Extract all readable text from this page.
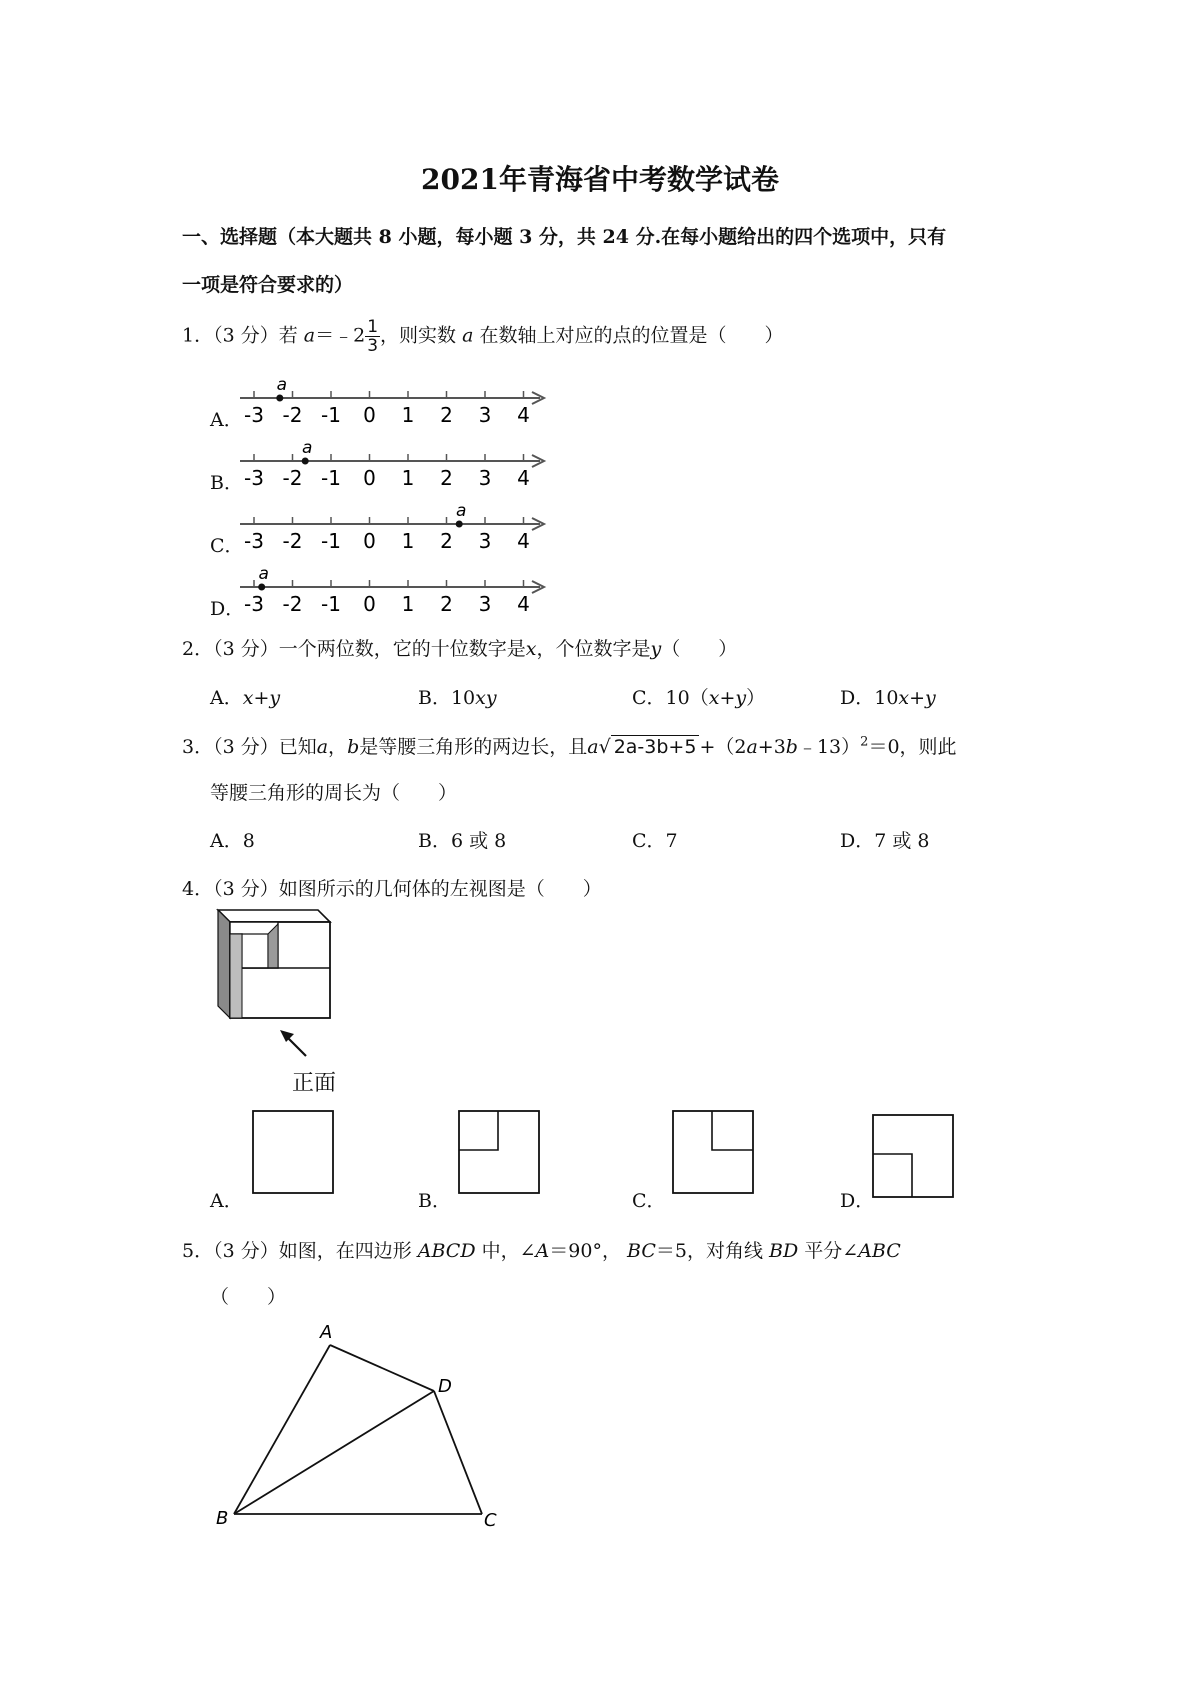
2021年青海省中考数学试卷
一、选择题（本大题共 8 小题，每小题 3 分，共 24 分.在每小题给出的四个选项中，只有
一项是符合要求的）
1．（3 分）若 a＝﹣2 $\frac{1}{3}$ ，则实数 a 在数轴上对应的点的位置是（　　）
A．
B．
C．
D．
-3 -2 -1 0 1 2 3 4
a
-3 -2 -1 0 1 2 3 4
a
-3 -2 -1 0 1 2 3 4
a
-3 -2 -1 0 1 2 3 4
a
2．（3 分）一个两位数，它的十位数字是x，个位数字是y（　　）
A．x+y	B．10xy	C．10（x+y）	D．10x+y
3．（3 分）已知a，b是等腰三角形的两边长，且a√ 2a-3b+5 +（2a+3b﹣13）$^2$＝0，则此
等腰三角形的周长为（　　）
A．8	B．6 或 8	C．7	D．7 或 8
4．（3 分）如图所示的几何体的左视图是（　　）
正面
A．	B．	C．	D．
5．（3 分）如图，在四边形 ABCD 中，∠A＝90°， BC＝5，对角线 BD 平分∠ABC
（　　）
A
B	C
D
